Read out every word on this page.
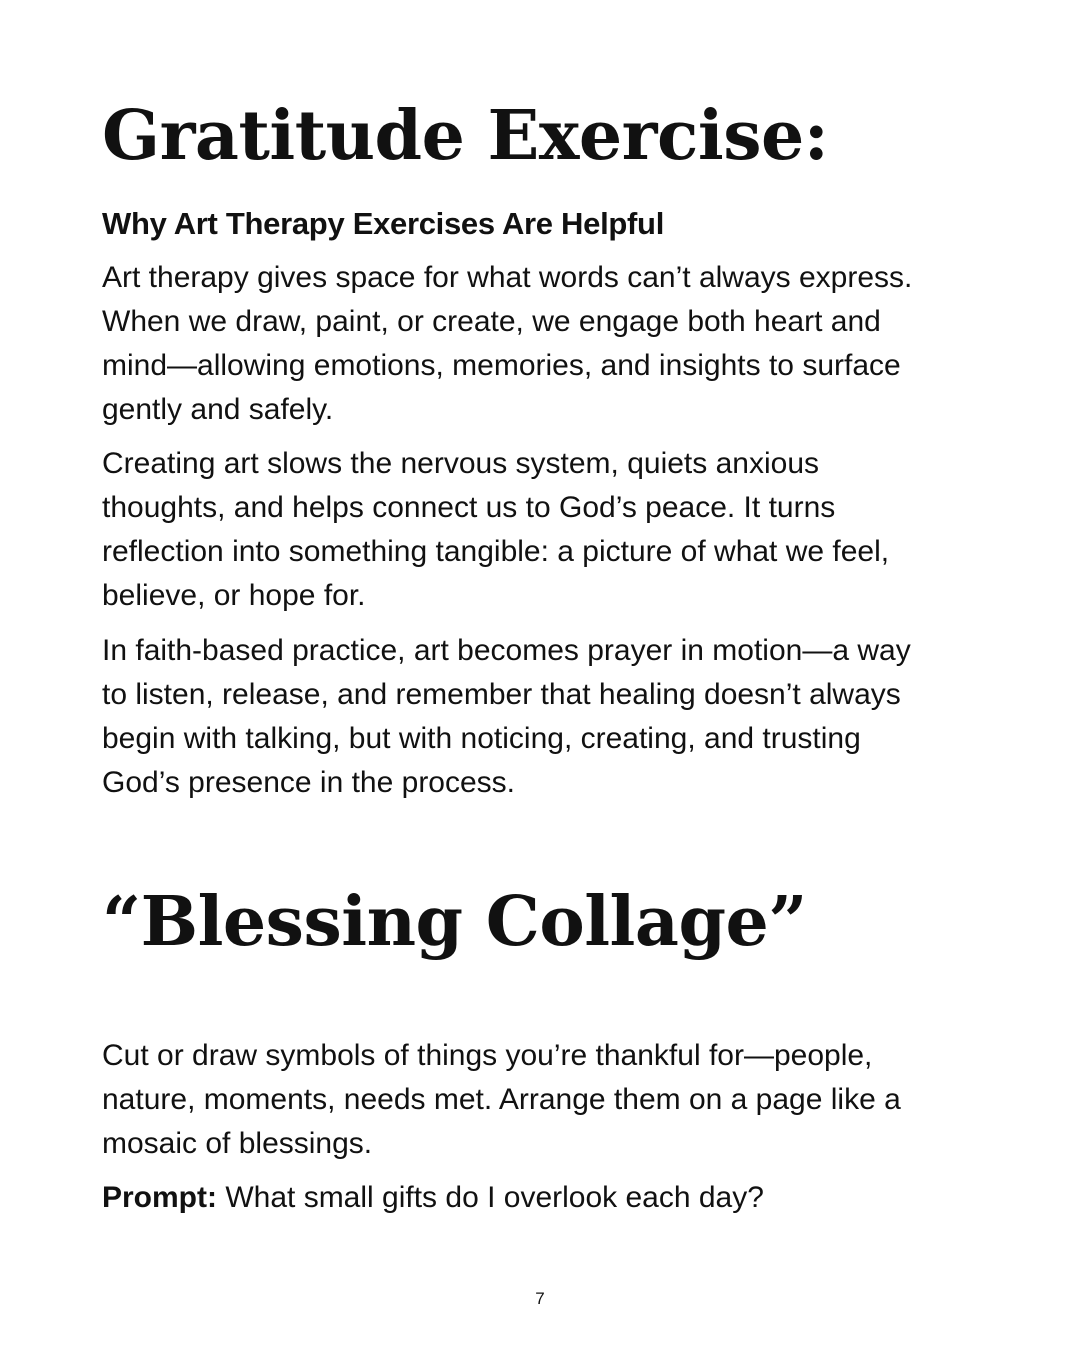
Gratitude Exercise:
Why Art Therapy Exercises Are Helpful

Art therapy gives space for what words can’t always express.
When we draw, paint, or create, we engage both heart and
mind—allowing emotions, memories, and insights to surface
gently and safely.

Creating art slows the nervous system, quiets anxious
thoughts, and helps connect us to God’s peace. It turns
reflection into something tangible: a picture of what we feel,
believe, or hope for.

In faith-based practice, art becomes prayer in motion—a way
to listen, release, and remember that healing doesn’t always
begin with talking, but with noticing, creating, and trusting
God’s presence in the process.

“Blessing Collage”

Cut or draw symbols of things you’re thankful for—people,
nature, moments, needs met. Arrange them on a page like a
mosaic of blessings.

Prompt: What small gifts do I overlook each day?

7
